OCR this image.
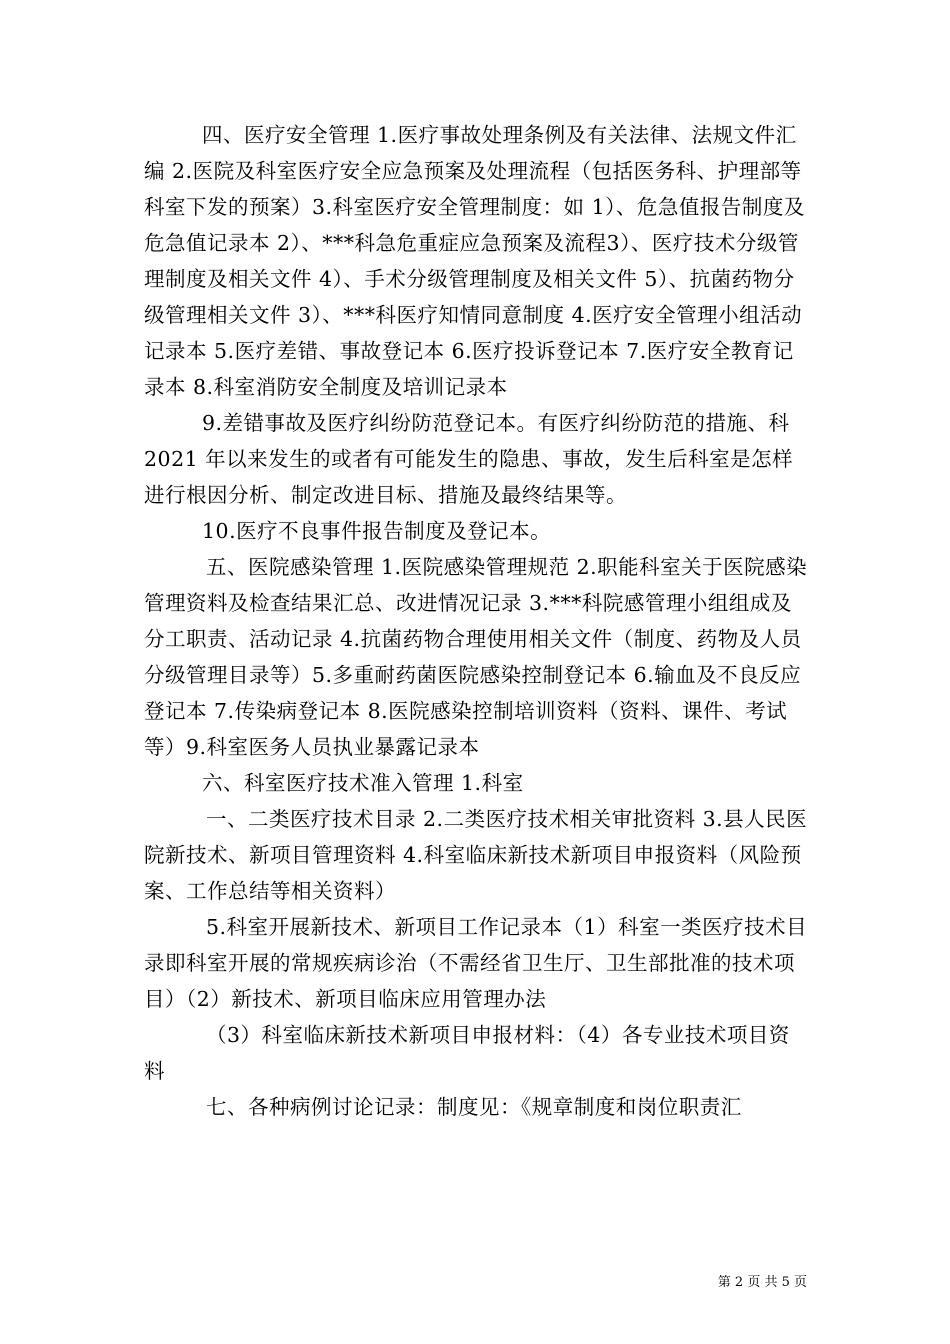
四、医疗安全管理 1.医疗事故处理条例及有关法律、法规文件汇编 2.医院及科室医疗安全应急预案及处理流程（包括医务科、护理部等科室下发的预案）3.科室医疗安全管理制度：如 1）、危急值报告制度及危急值记录本 2）、***科急危重症应急预案及流程3）、医疗技术分级管理制度及相关文件 4）、手术分级管理制度及相关文件 5）、抗菌药物分级管理相关文件 3）、***科医疗知情同意制度 4.医疗安全管理小组活动记录本 5.医疗差错、事故登记本 6.医疗投诉登记本 7.医疗安全教育记录本 8.科室消防安全制度及培训记录本

9.差错事故及医疗纠纷防范登记本。有医疗纠纷防范的措施、科 2021 年以来发生的或者有可能发生的隐患、事故，发生后科室是怎样进行根因分析、制定改进目标、措施及最终结果等。

10.医疗不良事件报告制度及登记本。

五、医院感染管理 1.医院感染管理规范 2.职能科室关于医院感染管理资料及检查结果汇总、改进情况记录 3.***科院感管理小组组成及分工职责、活动记录 4.抗菌药物合理使用相关文件（制度、药物及人员分级管理目录等）5.多重耐药菌医院感染控制登记本 6.输血及不良反应登记本 7.传染病登记本 8.医院感染控制培训资料（资料、课件、考试等）9.科室医务人员执业暴露记录本

六、科室医疗技术准入管理 1.科室

一、二类医疗技术目录 2.二类医疗技术相关审批资料 3.县人民医院新技术、新项目管理资料 4.科室临床新技术新项目申报资料（风险预案、工作总结等相关资料）

5.科室开展新技术、新项目工作记录本（1）科室一类医疗技术目录即科室开展的常规疾病诊治（不需经省卫生厅、卫生部批准的技术项目）（2）新技术、新项目临床应用管理办法

（3）科室临床新技术新项目申报材料：（4）各专业技术项目资料

七、各种病例讨论记录：制度见：《规章制度和岗位职责汇

第 2 页 共 5 页
